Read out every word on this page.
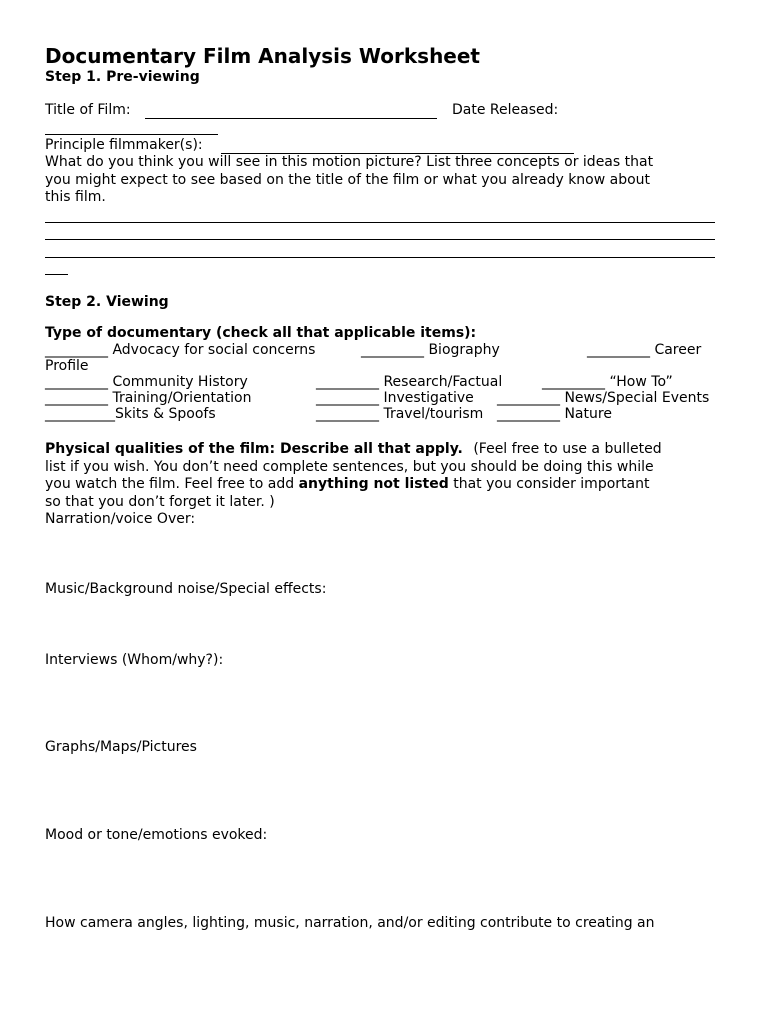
Documentary Film Analysis Worksheet
Step 1. Pre-viewing
Title of Film:	Date Released:
Principle filmmaker(s):
What do you think you will see in this motion picture? List three concepts or ideas that
you might expect to see based on the title of the film or what you already know about
this film.
Step 2. Viewing
Type of documentary (check all that applicable items):
_________ Advocacy for social concerns	_________ Biography	_________ Career
Profile
_________ Community History	_________ Research/Factual	_________ “How To”
_________ Training/Orientation	_________ Investigative _________ News/Special Events
__________Skits & Spoofs	_________ Travel/tourism _________ Nature
Physical qualities of the film: Describe all that apply. (Feel free to use a bulleted
list if you wish. You don’t need complete sentences, but you should be doing this while
you watch the film. Feel free to add anything not listed that you consider important
so that you don’t forget it later. )
Narration/voice Over:
Music/Background noise/Special effects:
Interviews (Whom/why?):
Graphs/Maps/Pictures
Mood or tone/emotions evoked:
How camera angles, lighting, music, narration, and/or editing contribute to creating an
